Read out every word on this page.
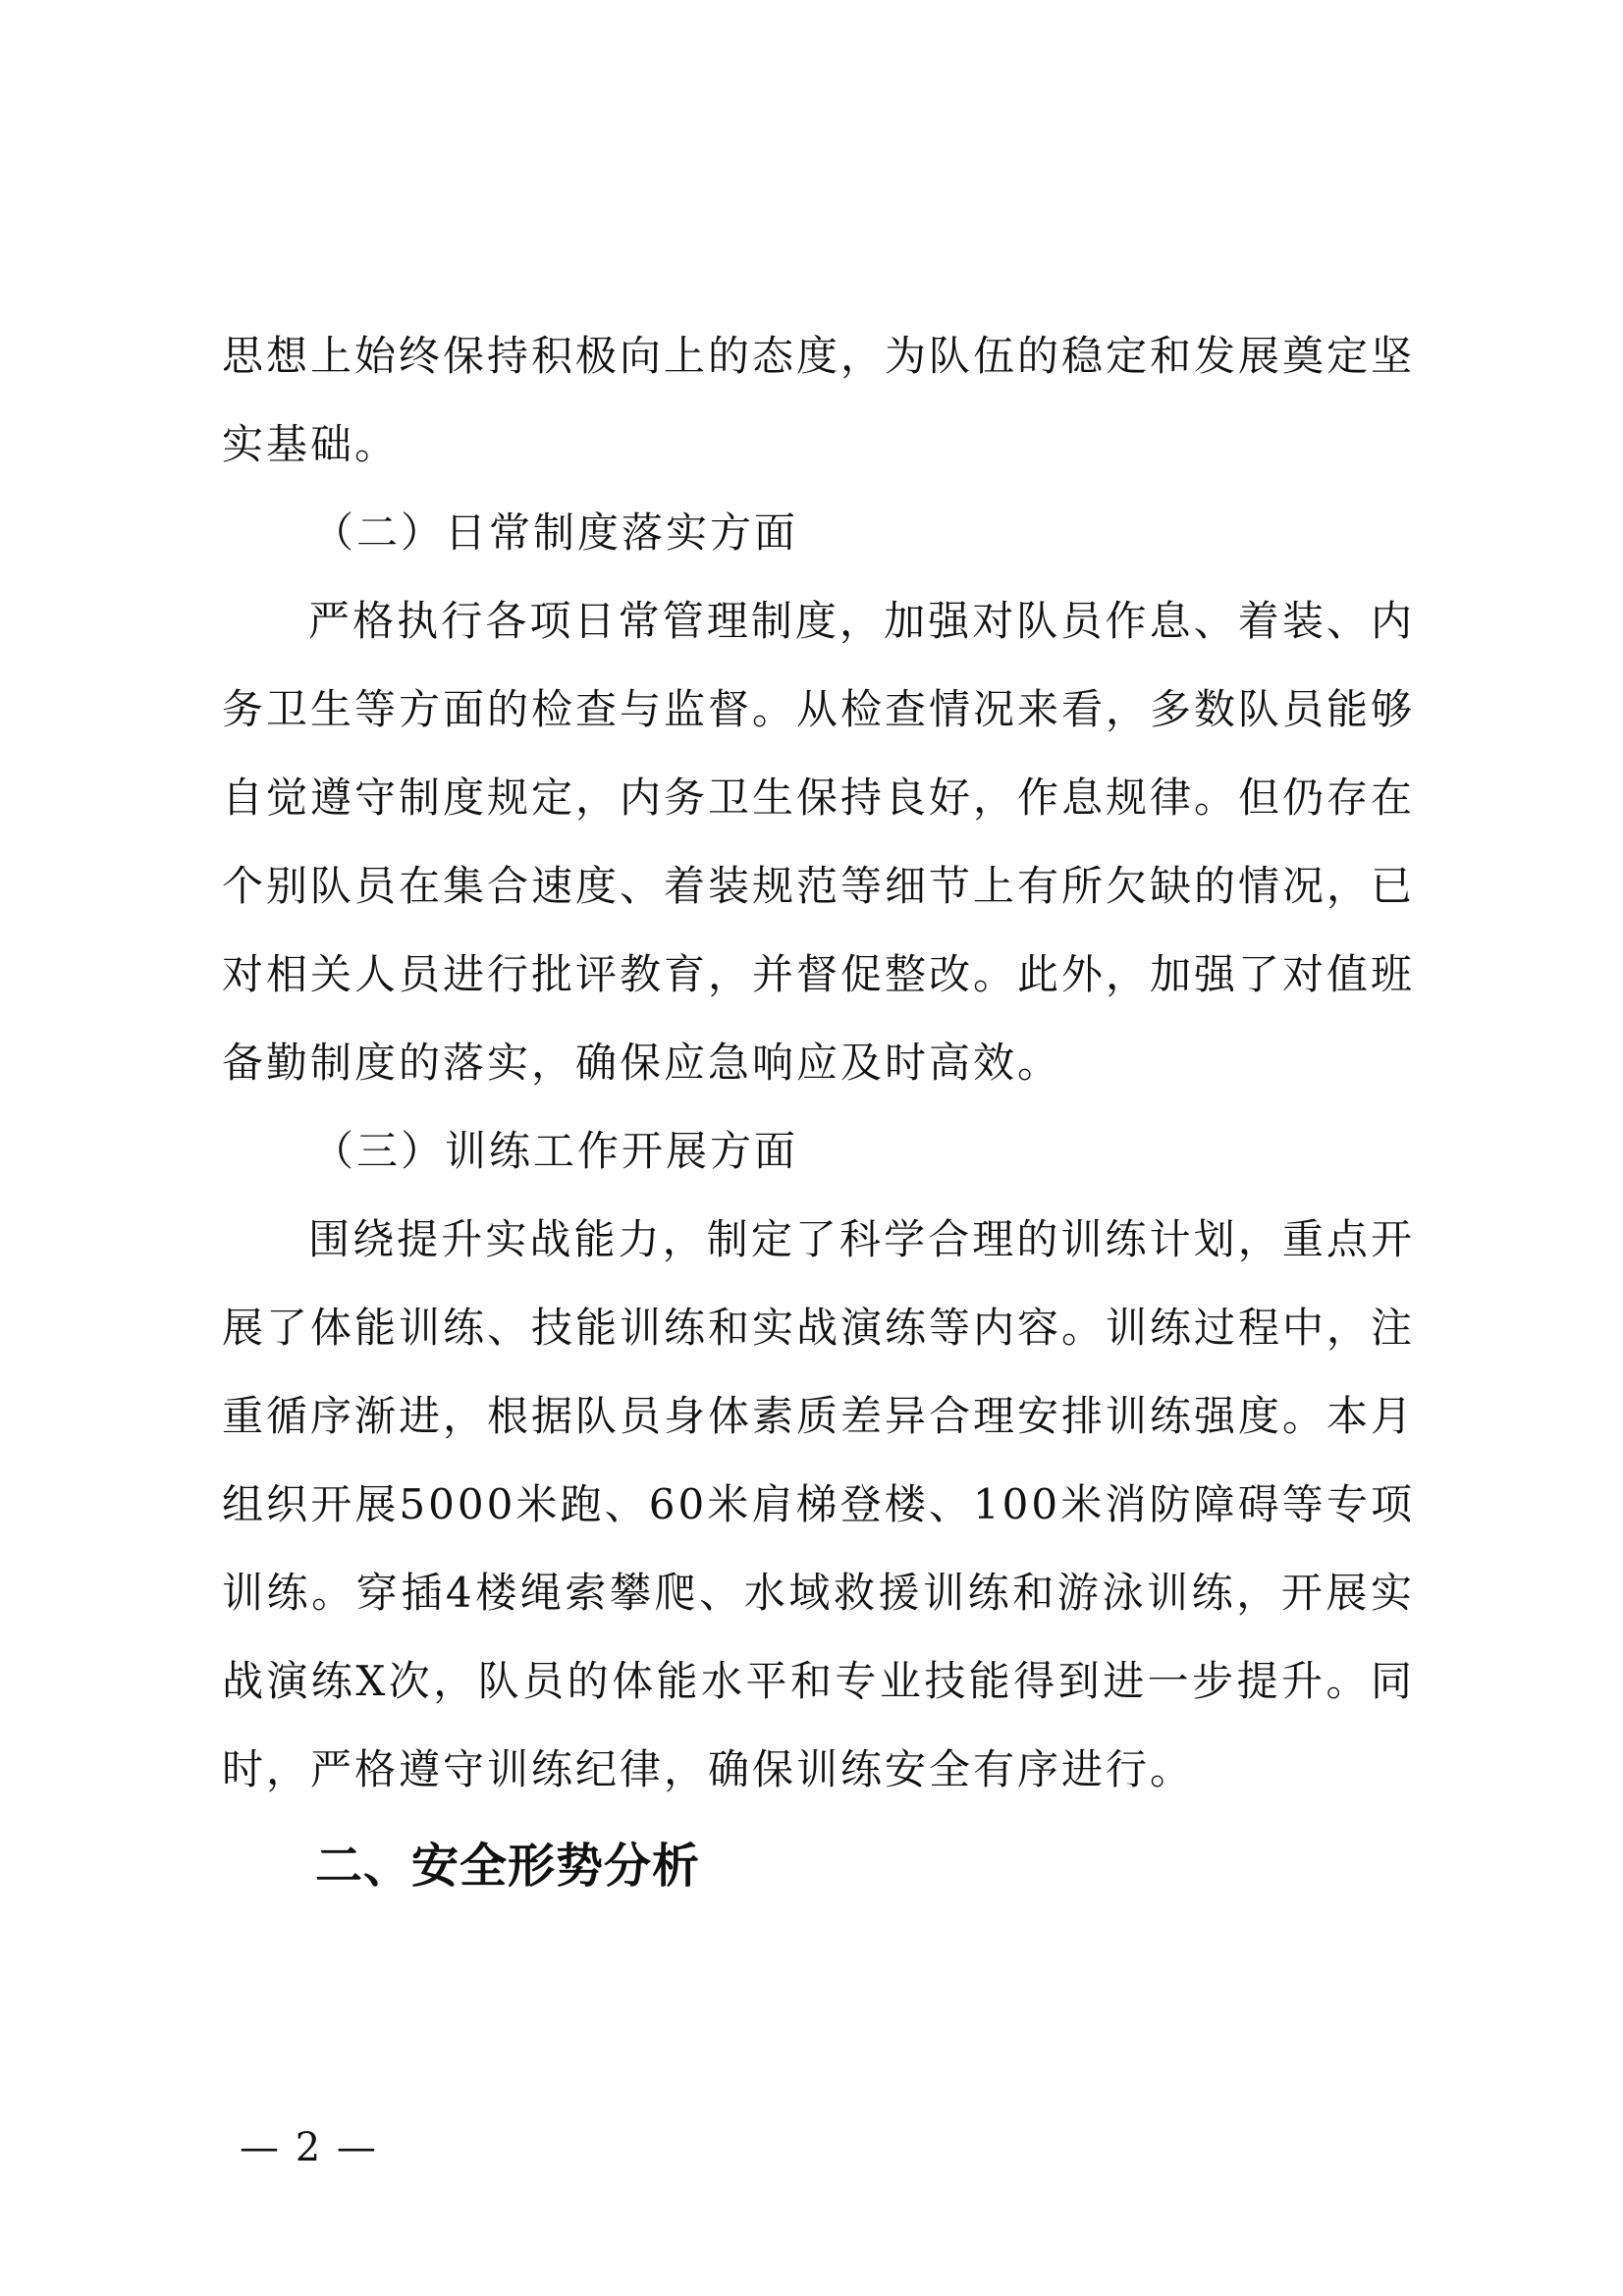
思想上始终保持积极向上的态度，为队伍的稳定和发展奠定坚实基础。

（二）日常制度落实方面

严格执行各项日常管理制度，加强对队员作息、着装、内务卫生等方面的检查与监督。从检查情况来看，多数队员能够自觉遵守制度规定，内务卫生保持良好，作息规律。但仍存在个别队员在集合速度、着装规范等细节上有所欠缺的情况，已对相关人员进行批评教育，并督促整改。此外，加强了对值班备勤制度的落实，确保应急响应及时高效。

（三）训练工作开展方面

围绕提升实战能力，制定了科学合理的训练计划，重点开展了体能训练、技能训练和实战演练等内容。训练过程中，注重循序渐进，根据队员身体素质差异合理安排训练强度。本月组织开展5000米跑、60米肩梯登楼、100米消防障碍等专项训练。穿插4楼绳索攀爬、水域救援训练和游泳训练，开展实战演练X次，队员的体能水平和专业技能得到进一步提升。同时，严格遵守训练纪律，确保训练安全有序进行。

二、安全形势分析
— 2 —
